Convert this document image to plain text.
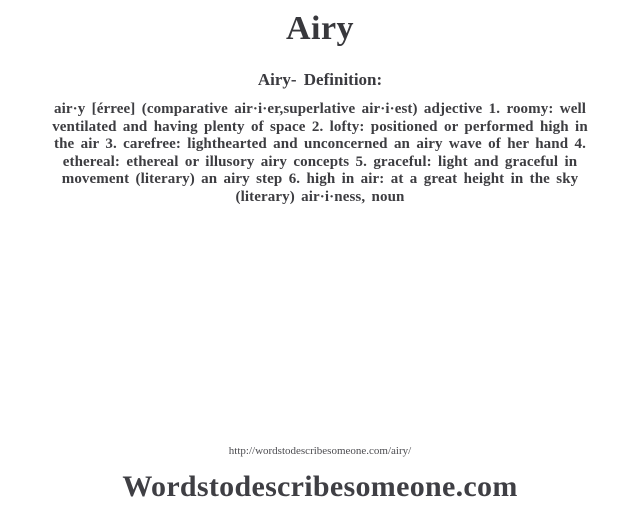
Airy
Airy- Definition:
air·y [érree] (comparative air·i·er,superlative air·i·est) adjective 1. roomy: well
ventilated and having plenty of space 2. lofty: positioned or performed high in
the air 3. carefree: lighthearted and unconcerned an airy wave of her hand 4.
ethereal: ethereal or illusory airy concepts 5. graceful: light and graceful in
movement (literary) an airy step 6. high in air: at a great height in the sky
(literary) air·i·ness, noun
http://wordstodescribesomeone.com/airy/
Wordstodescribesomeone.com
